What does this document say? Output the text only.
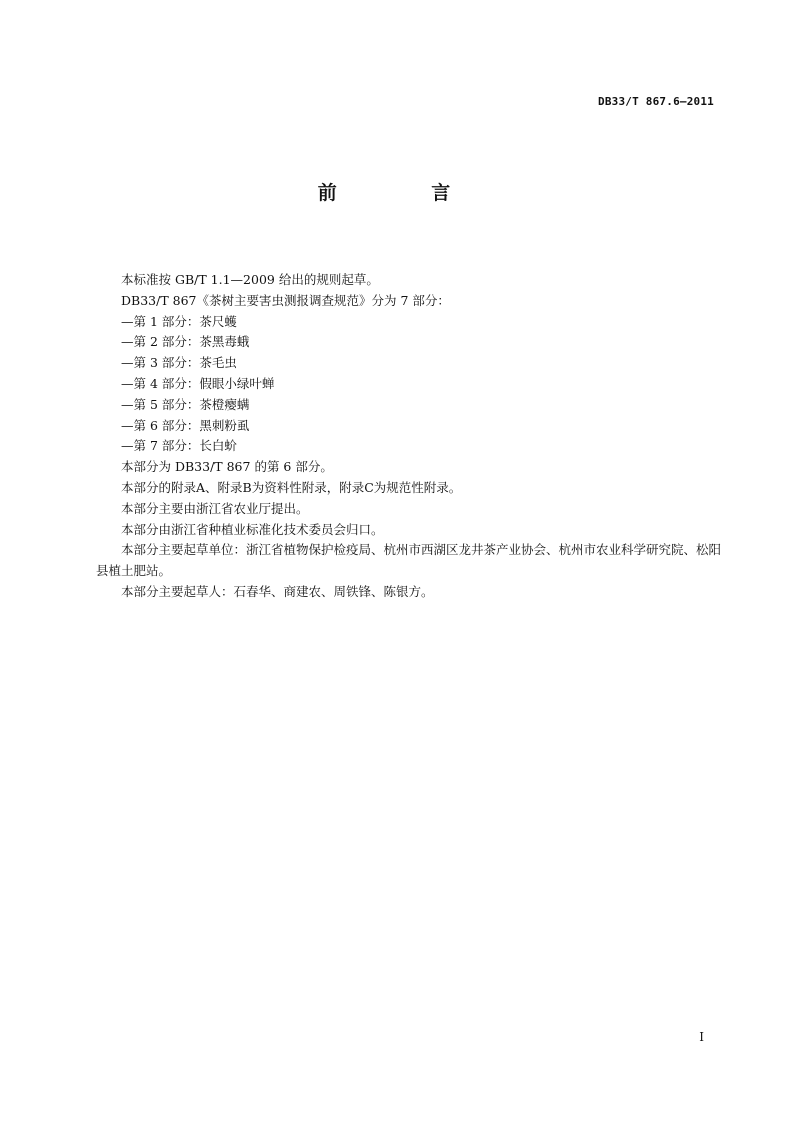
DB33/T 867.6—2011
前 言

本标准按 GB/T 1.1—2009 给出的规则起草。

DB33/T 867《茶树主要害虫测报调查规范》分为 7 部分：

—第 1 部分：茶尺蠖

—第 2 部分：茶黑毒蛾

—第 3 部分：茶毛虫

—第 4 部分：假眼小绿叶蝉

—第 5 部分：茶橙瘿螨

—第 6 部分：黑刺粉虱

—第 7 部分：长白蚧

本部分为 DB33/T 867 的第 6 部分。

本部分的附录A、附录B为资料性附录，附录C为规范性附录。

本部分主要由浙江省农业厅提出。

本部分由浙江省种植业标准化技术委员会归口。

本部分主要起草单位：浙江省植物保护检疫局、杭州市西湖区龙井茶产业协会、杭州市农业科学研究院、松阳县植土肥站。

本部分主要起草人：石春华、商建农、周铁锋、陈银方。

I
